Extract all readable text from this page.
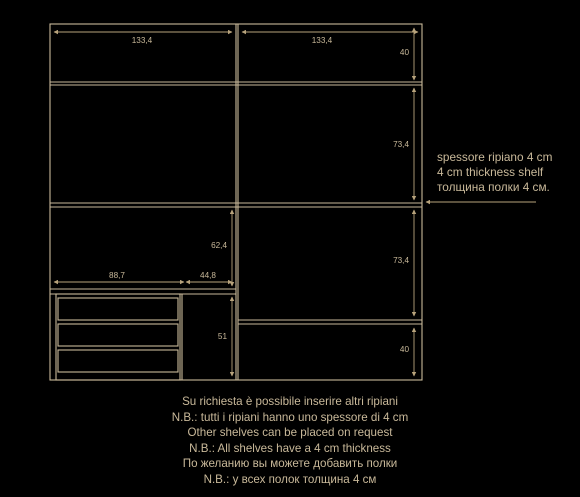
133,4	133,4
40
73,4
62,4
73,4
88,7	44,8
51
40
spessore ripiano 4 cm
4 cm thickness shelf
толщина полки 4 см.
Su richiesta è possibile inserire altri ripiani
N.B.: tutti i ripiani hanno uno spessore di 4 cm
Other shelves can be placed on request
N.B.: All shelves have a 4 cm thickness
По желанию вы можете добавить полки
N.B.: у всех полок толщина 4 см
